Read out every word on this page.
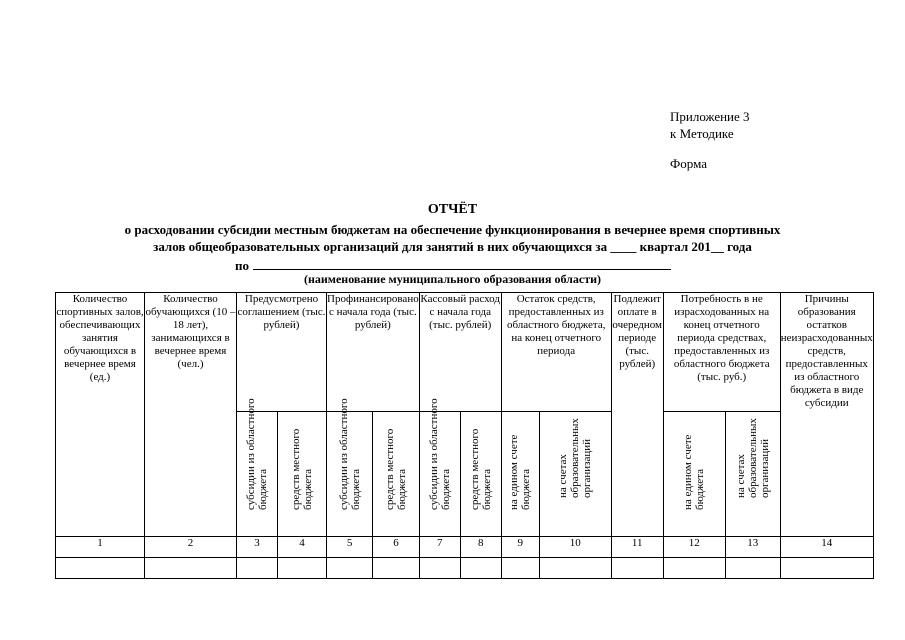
Приложение 3
к Методике
Форма
ОТЧЁТ
о расходовании субсидии местным бюджетам на обеспечение функционирования в вечернее время спортивных
залов общеобразовательных организаций для занятий в них обучающихся за ____ квартал 201__ года
по
(наименование муниципального образования области)
Количество спортивных залов, обеспечивающих занятия обучающихся в вечернее время (ед.)	Количество обучающихся (10 – 18 лет), занимающихся в вечернее время (чел.)	Предусмотрено соглашением (тыс. рублей)		Профинансировано с начала года (тыс. рублей)		Кассовый расход с начала года (тыс. рублей)		Остаток средств, предоставленных из областного бюджета, на конец отчетного периода		Подлежит оплате в очередном периоде (тыс. рублей)	Потребность в не израсходованных на конец отчетного периода средствах, предоставленных из областного бюджета (тыс. руб.)		Причины образования остатков неизрасходованных средств, предоставленных из областного бюджета в виде субсидии

		субсидии из областного бюджета	средств местного бюджета	субсидии из областного бюджета	средств местного бюджета	субсидии из областного бюджета	средств местного бюджета	на едином счете бюджета	на счетах образовательных организаций		на едином счете бюджета	на счетах образовательных организаций	

1	2	3	4	5	6	7	8	9	10	11	12	13	14
